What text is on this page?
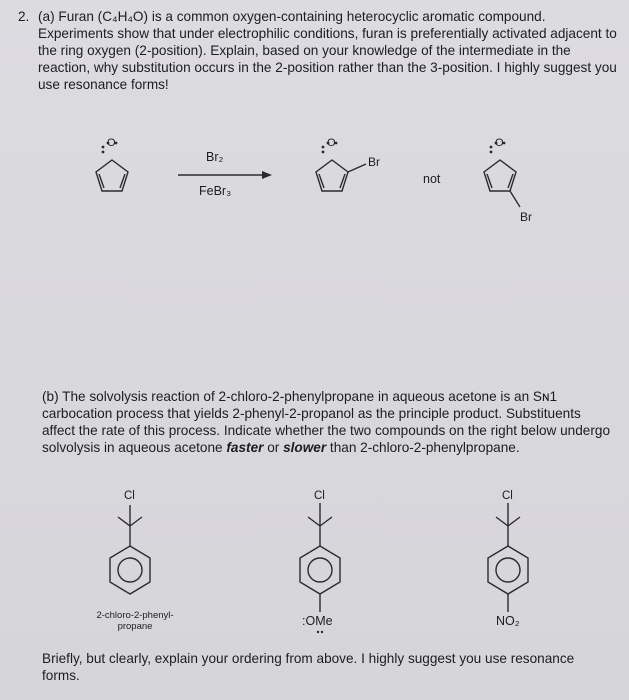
2. (a) Furan (C₄H₄O) is a common oxygen-containing heterocyclic aromatic compound. Experiments show that under electrophilic conditions, furan is preferentially activated adjacent to the ring oxygen (2-position). Explain, based on your knowledge of the intermediate in the reaction, why substitution occurs in the 2-position rather than the 3-position. I highly suggest you use resonance forms!
O	O	O
Br₂
FeBr₃
Br
not
Br

(b) The solvolysis reaction of 2-chloro-2-phenylpropane in aqueous acetone is an Sɴ1 carbocation process that yields 2-phenyl-2-propanol as the principle product. Substituents affect the rate of this process. Indicate whether the two compounds on the right below undergo solvolysis in aqueous acetone faster or slower than 2-chloro-2-phenylpropane.

Cl	Cl	Cl
2-chloro-2-phenyl-
propane	:OMe	NO₂

Briefly, but clearly, explain your ordering from above. I highly suggest you use resonance forms.
